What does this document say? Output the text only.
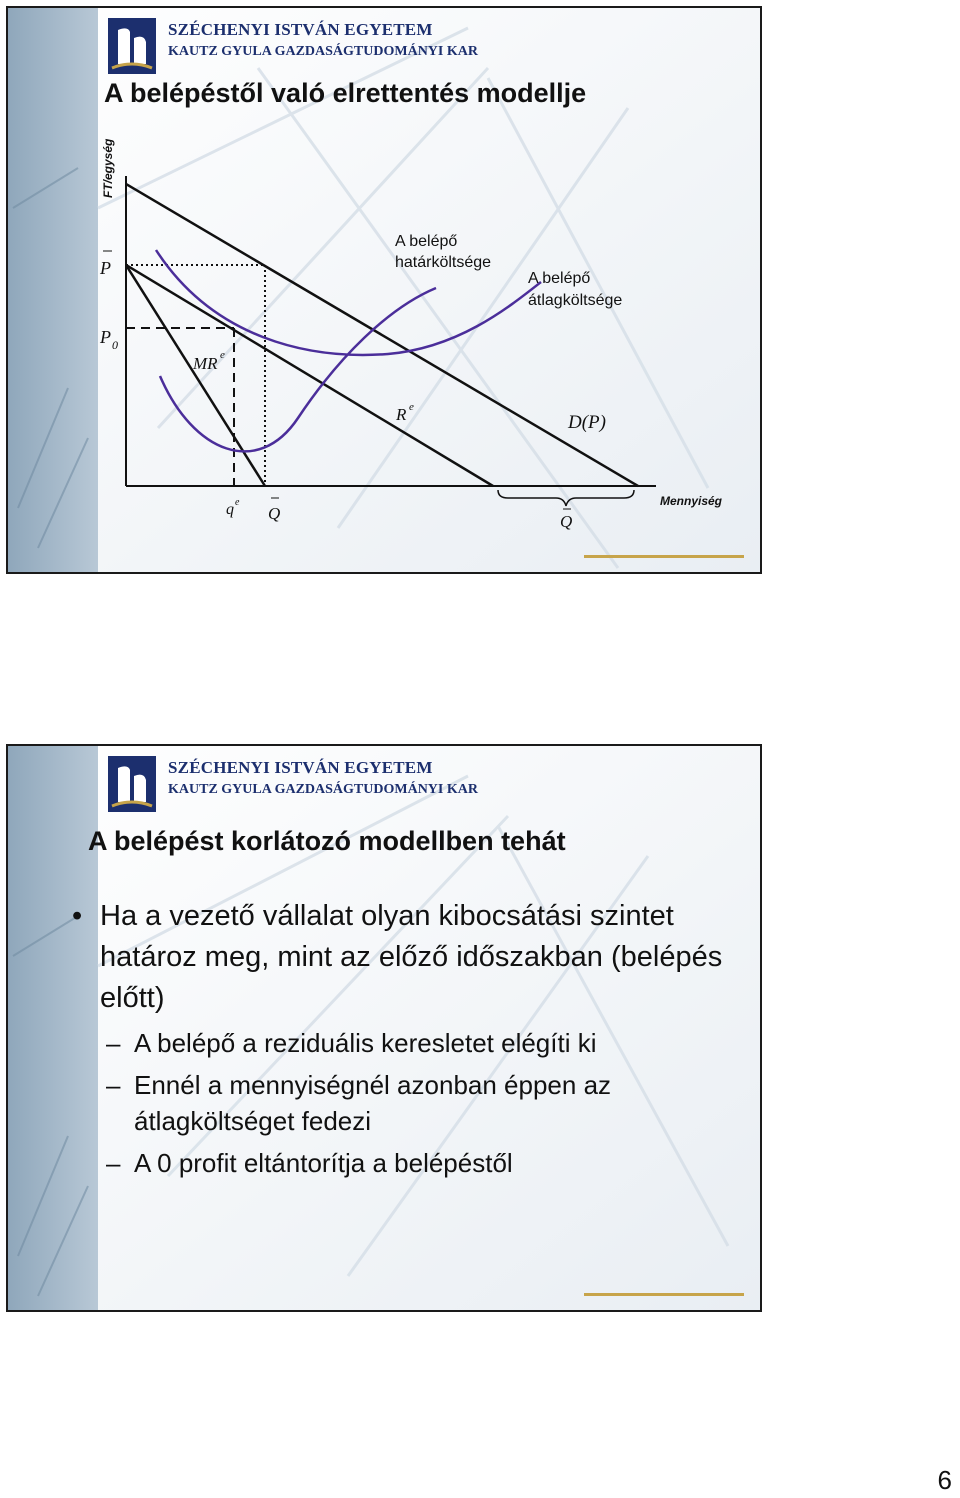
SZÉCHENYI ISTVÁN EGYETEM
KAUTZ GYULA GAZDASÁGTUDOMÁNYI KAR
A belépéstől való elrettentés modellje
FT/egység
P
P 0
MR e
R e
D(P)
A belépő
határköltsége
A belépő
átlagköltsége
q e
Q	Q
Mennyiség
SZÉCHENYI ISTVÁN EGYETEM
KAUTZ GYULA GAZDASÁGTUDOMÁNYI KAR
A belépést korlátozó modellben tehát
• Ha a vezető vállalat olyan kibocsátási szintet határoz meg, mint az előző időszakban (belépés előtt)
– A belépő a reziduális keresletet elégíti ki
– Ennél a mennyiségnél azonban éppen az átlagköltséget fedezi
– A 0 profit eltántorítja a belépéstől
6
